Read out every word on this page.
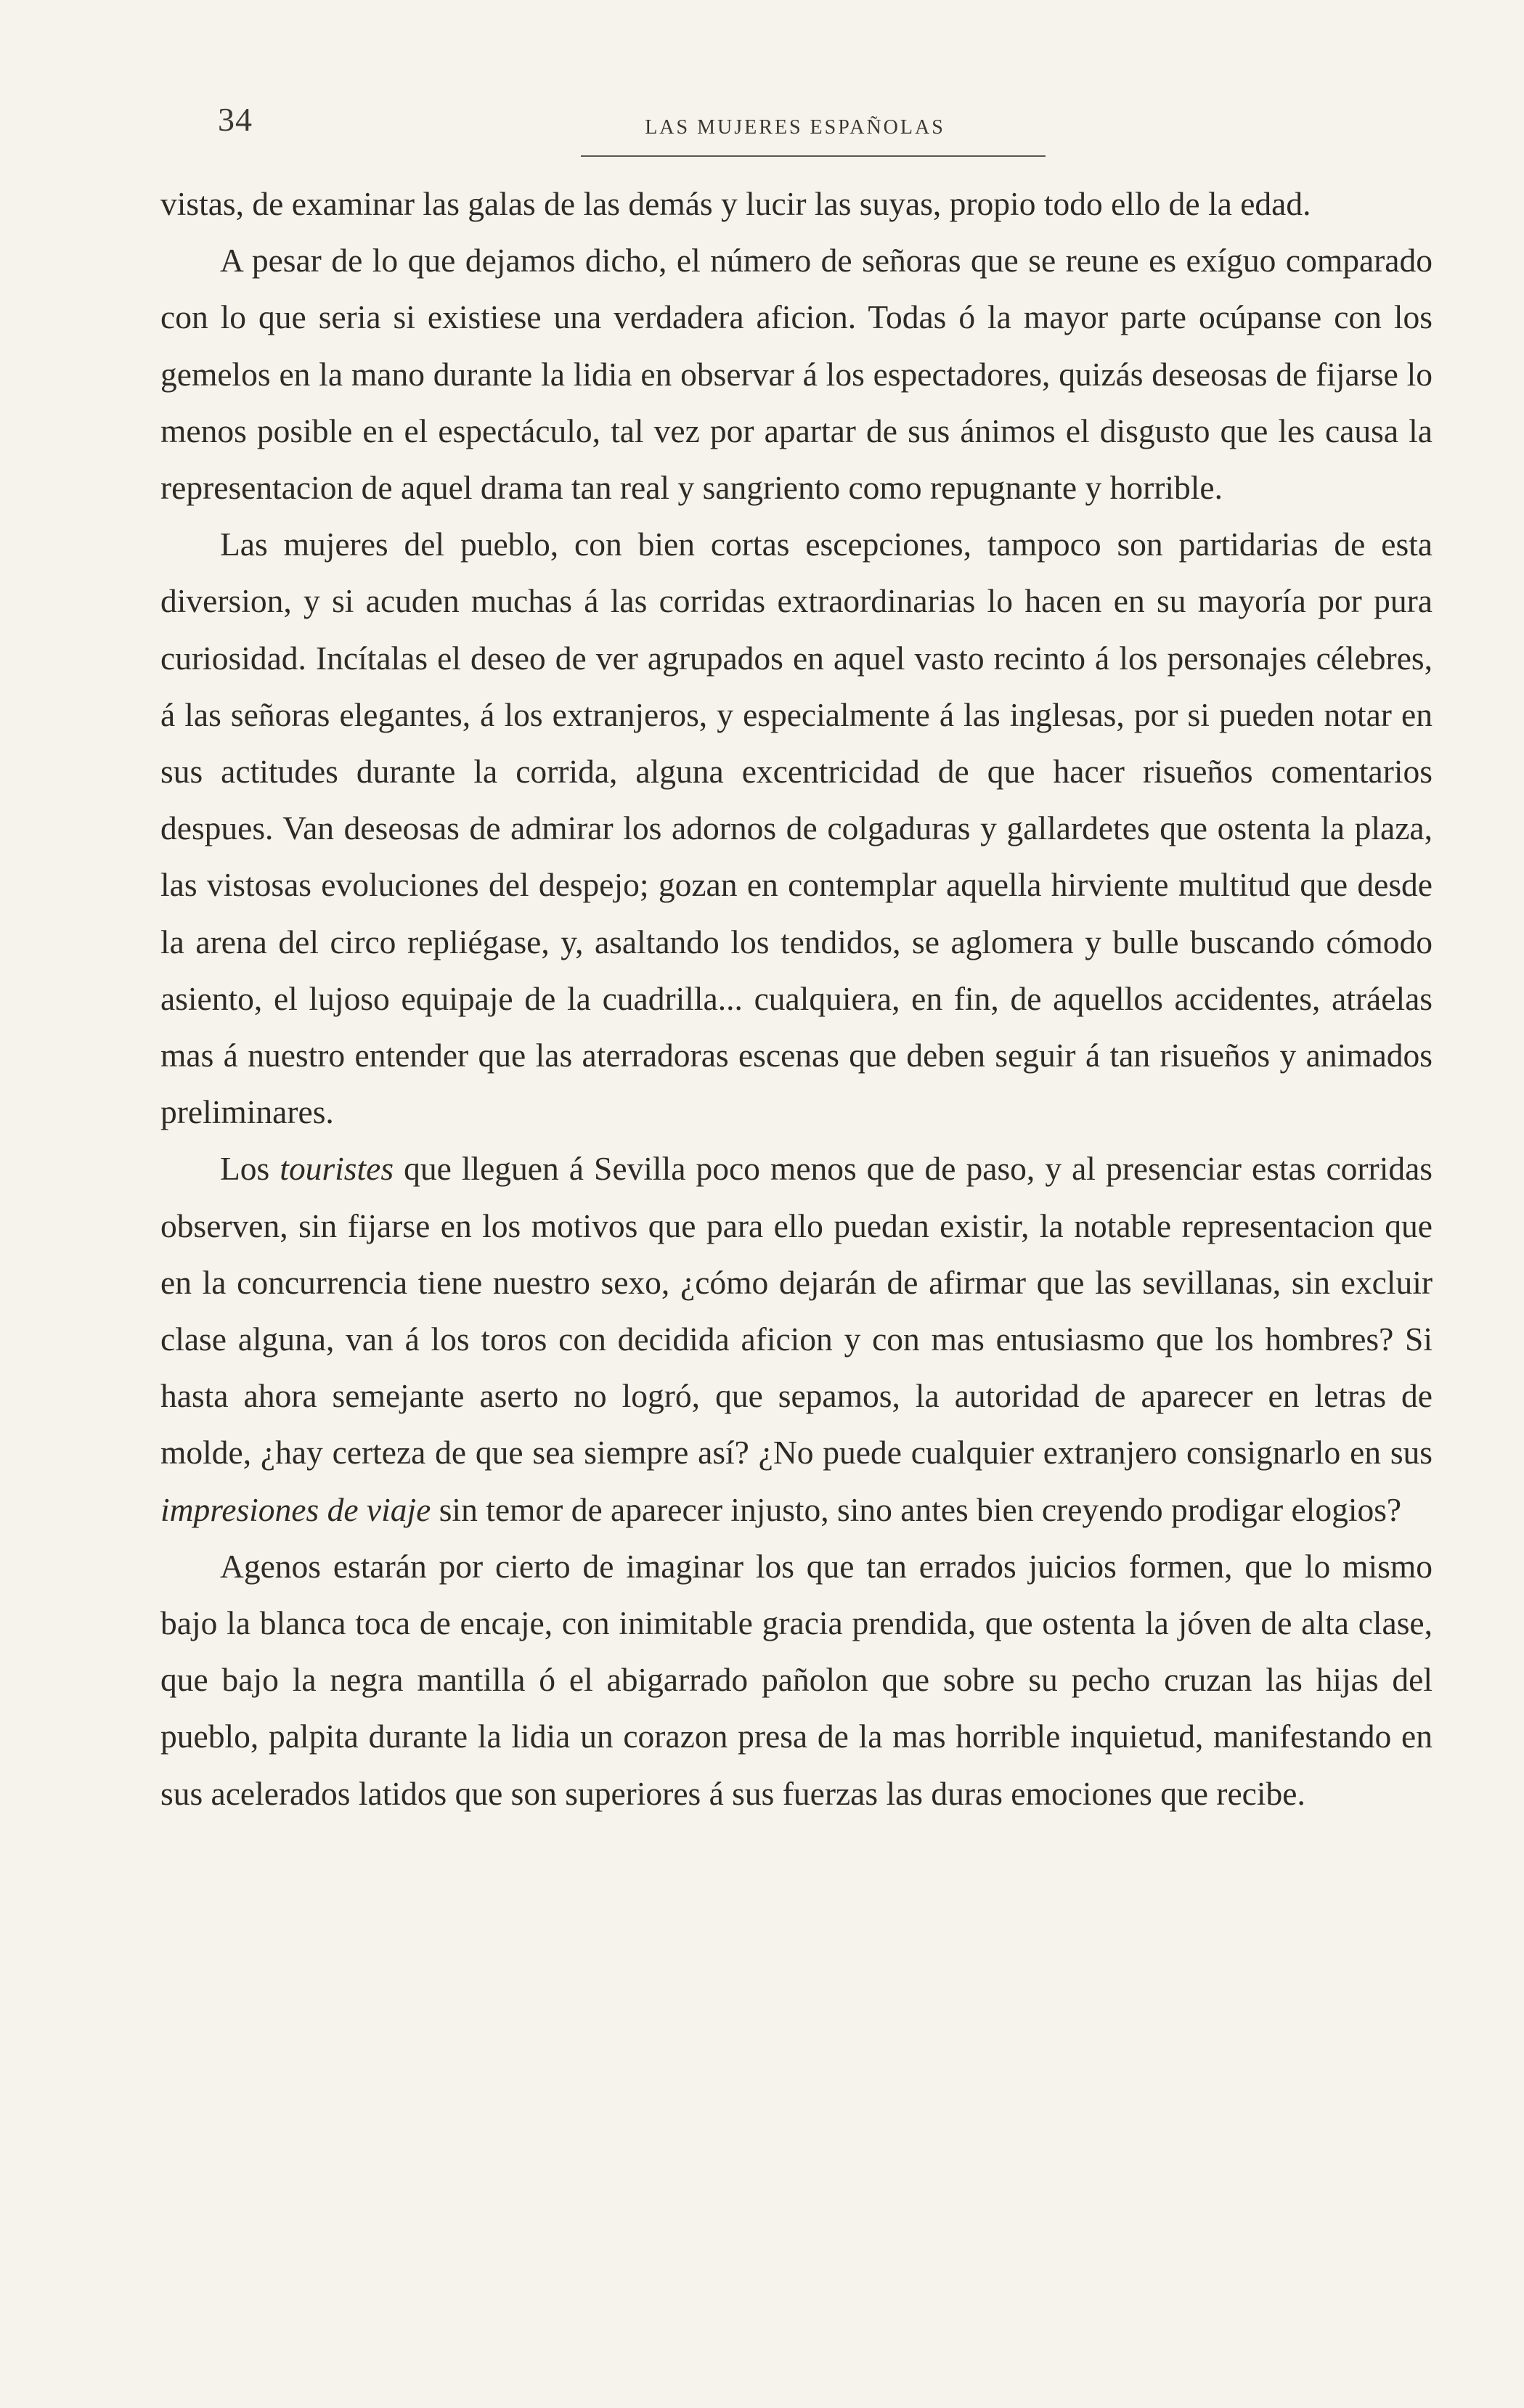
34	LAS MUJERES ESPAÑOLAS

vistas, de examinar las galas de las demás y lucir las suyas, propio todo ello de la edad.

A pesar de lo que dejamos dicho, el número de señoras que se reune es exíguo comparado con lo que seria si existiese una verdadera aficion. Todas ó la mayor parte ocúpanse con los gemelos en la mano durante la lidia en observar á los espectadores, quizás deseosas de fijarse lo menos posible en el espectáculo, tal vez por apartar de sus ánimos el disgusto que les causa la representacion de aquel drama tan real y sangriento como repugnante y horrible.

Las mujeres del pueblo, con bien cortas escepciones, tampoco son partidarias de esta diversion, y si acuden muchas á las corridas extraordinarias lo hacen en su mayoría por pura curiosidad. Incítalas el deseo de ver agrupados en aquel vasto recinto á los personajes célebres, á las señoras elegantes, á los extranjeros, y especialmente á las inglesas, por si pueden notar en sus actitudes durante la corrida, alguna excentricidad de que hacer risueños comentarios despues. Van deseosas de admirar los adornos de colgaduras y gallardetes que ostenta la plaza, las vistosas evoluciones del despejo; gozan en contemplar aquella hirviente multitud que desde la arena del circo repliégase, y, asaltando los tendidos, se aglomera y bulle buscando cómodo asiento, el lujoso equipaje de la cuadrilla... cualquiera, en fin, de aquellos accidentes, atráelas mas á nuestro entender que las aterradoras escenas que deben seguir á tan risueños y animados preliminares.

Los touristes que lleguen á Sevilla poco menos que de paso, y al presenciar estas corridas observen, sin fijarse en los motivos que para ello puedan existir, la notable representacion que en la concurrencia tiene nuestro sexo, ¿cómo dejarán de afirmar que las sevillanas, sin excluir clase alguna, van á los toros con decidida aficion y con mas entusiasmo que los hombres? Si hasta ahora semejante aserto no logró, que sepamos, la autoridad de aparecer en letras de molde, ¿hay certeza de que sea siempre así? ¿No puede cualquier extranjero consignarlo en sus impresiones de viaje sin temor de aparecer injusto, sino antes bien creyendo prodigar elogios?

Agenos estarán por cierto de imaginar los que tan errados juicios formen, que lo mismo bajo la blanca toca de encaje, con inimitable gracia prendida, que ostenta la jóven de alta clase, que bajo la negra mantilla ó el abigarrado pañolon que sobre su pecho cruzan las hijas del pueblo, palpita durante la lidia un corazon presa de la mas horrible inquietud, manifestando en sus acelerados latidos que son superiores á sus fuerzas las duras emociones que recibe.
